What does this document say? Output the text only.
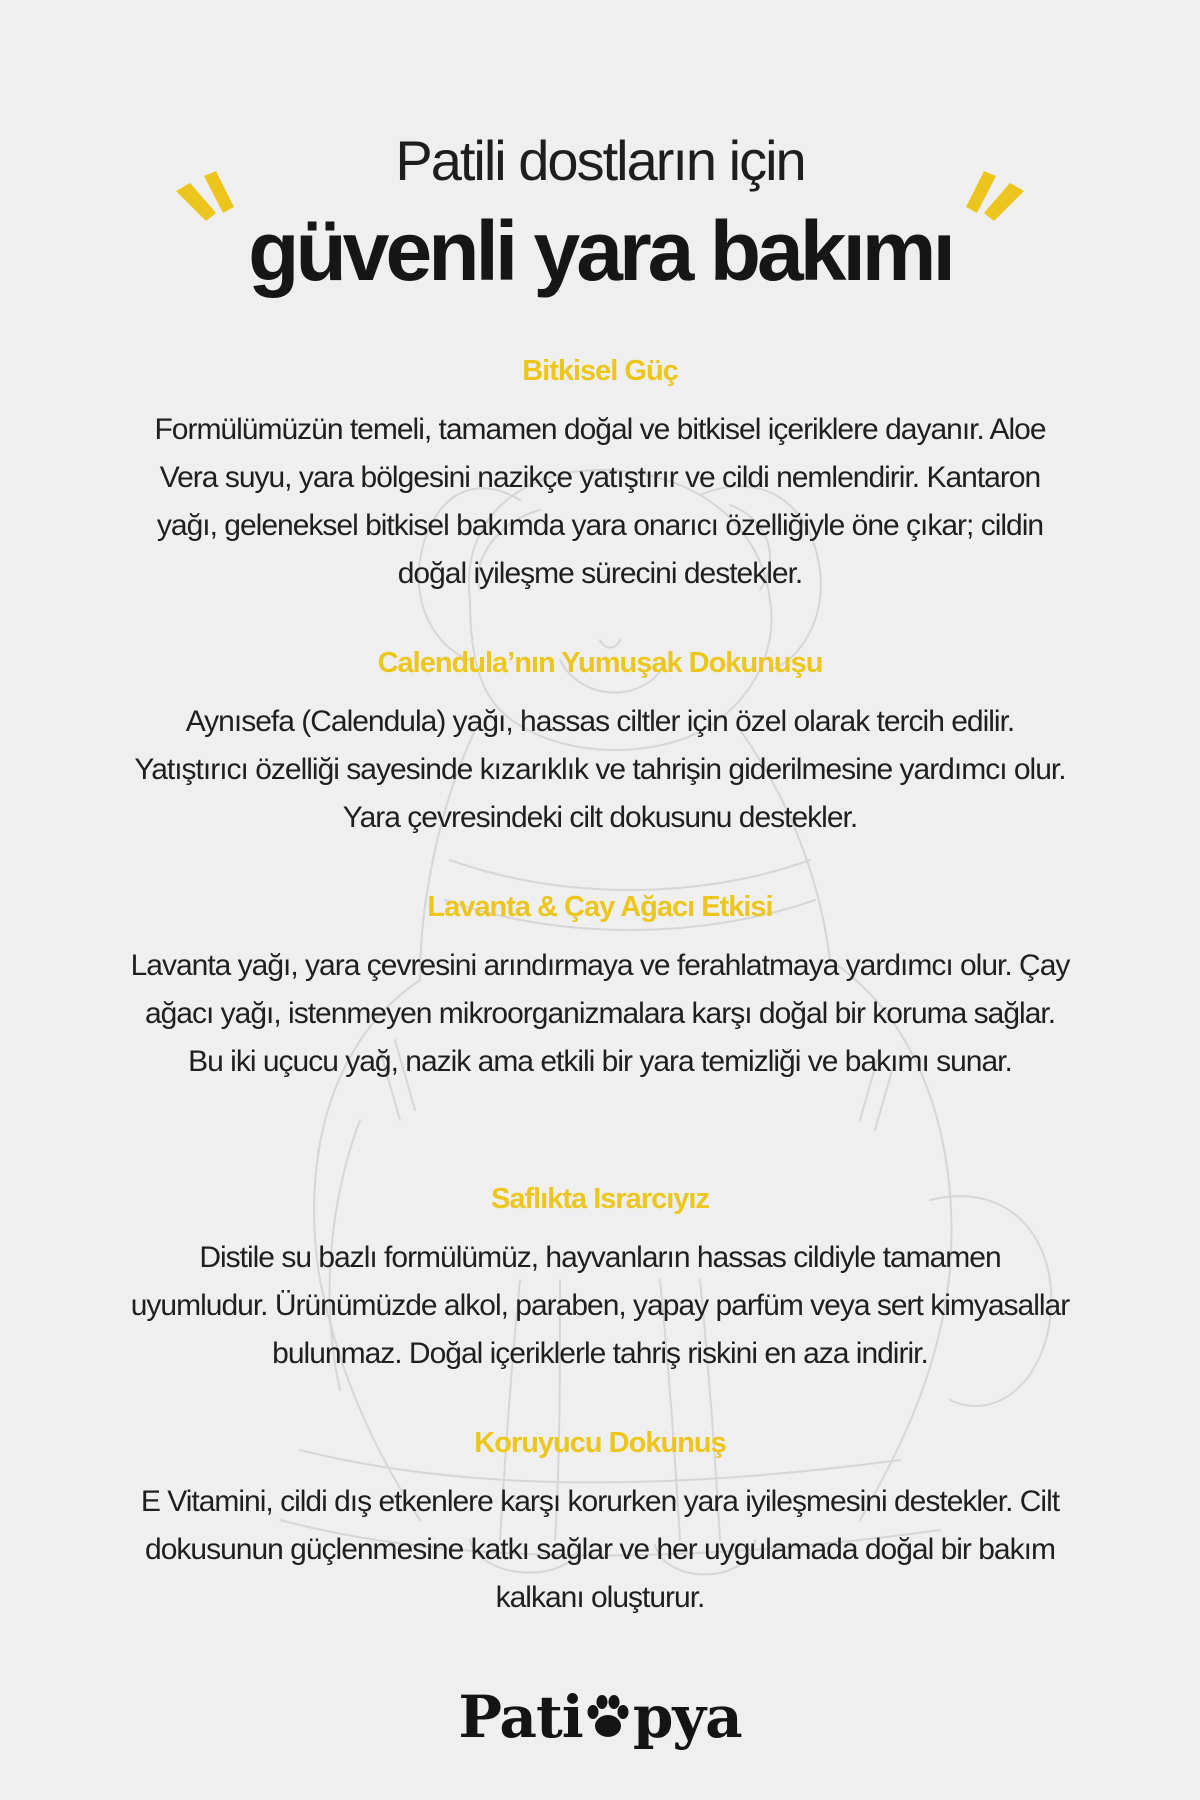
Patili dostların için
güvenli yara bakımı
Bitkisel Güç

Formülümüzün temeli, tamamen doğal ve bitkisel içeriklere dayanır. Aloe Vera suyu, yara bölgesini nazikçe yatıştırır ve cildi nemlendirir. Kantaron yağı, geleneksel bitkisel bakımda yara onarıcı özelliğiyle öne çıkar; cildin doğal iyileşme sürecini destekler.

Calendula’nın Yumuşak Dokunuşu

Aynısefa (Calendula) yağı, hassas ciltler için özel olarak tercih edilir. Yatıştırıcı özelliği sayesinde kızarıklık ve tahrişin giderilmesine yardımcı olur. Yara çevresindeki cilt dokusunu destekler.

Lavanta & Çay Ağacı Etkisi

Lavanta yağı, yara çevresini arındırmaya ve ferahlatmaya yardımcı olur. Çay ağacı yağı, istenmeyen mikroorganizmalara karşı doğal bir koruma sağlar. Bu iki uçucu yağ, nazik ama etkili bir yara temizliği ve bakımı sunar.

Saflıkta Israrcıyız

Distile su bazlı formülümüz, hayvanların hassas cildiyle tamamen uyumludur. Ürünümüzde alkol, paraben, yapay parfüm veya sert kimyasallar bulunmaz. Doğal içeriklerle tahriş riskini en aza indirir.

Koruyucu Dokunuş

E Vitamini, cildi dış etkenlere karşı korurken yara iyileşmesini destekler. Cilt dokusunun güçlenmesine katkı sağlar ve her uygulamada doğal bir bakım kalkanı oluşturur.

Pati pya
